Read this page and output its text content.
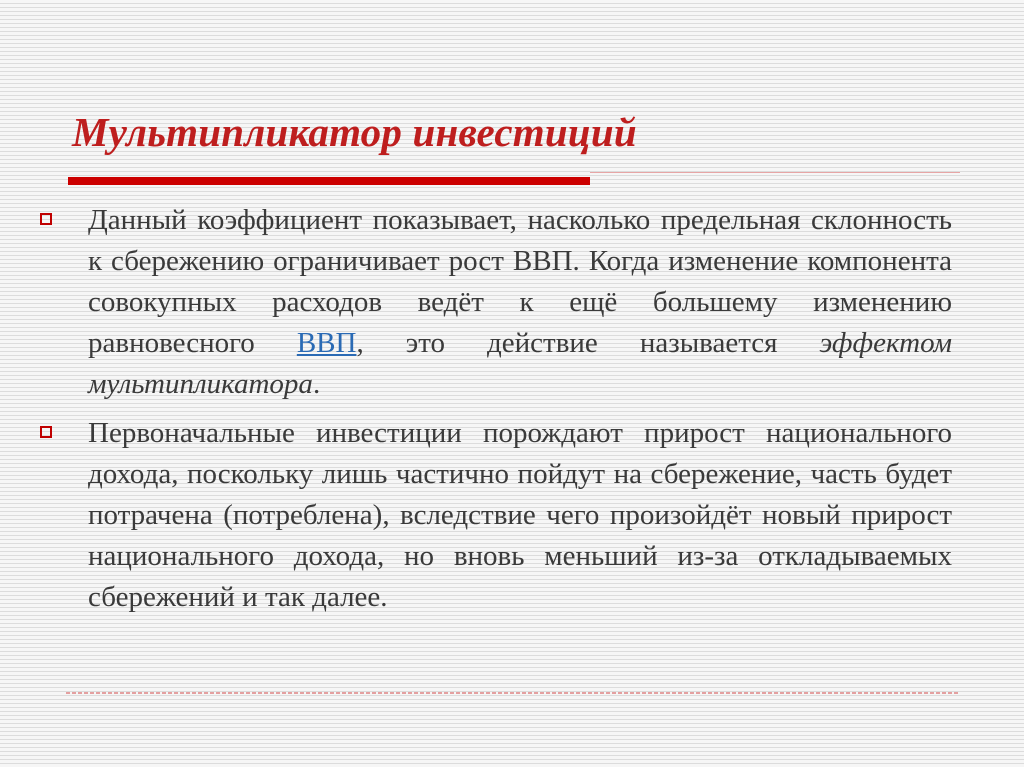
Мультипликатор инвестиций
Данный коэффициент показывает, насколько предельная склонность к сбережению ограничивает рост ВВП. Когда изменение компонента совокупных расходов ведёт к ещё большему изменению равновесного ВВП, это действие называется эффектом мультипликатора.
Первоначальные инвестиции порождают прирост национального дохода, поскольку лишь частично пойдут на сбережение, часть будет потрачена (потреблена), вследствие чего произойдёт новый прирост национального дохода, но вновь меньший из-за откладываемых сбережений и так далее.
